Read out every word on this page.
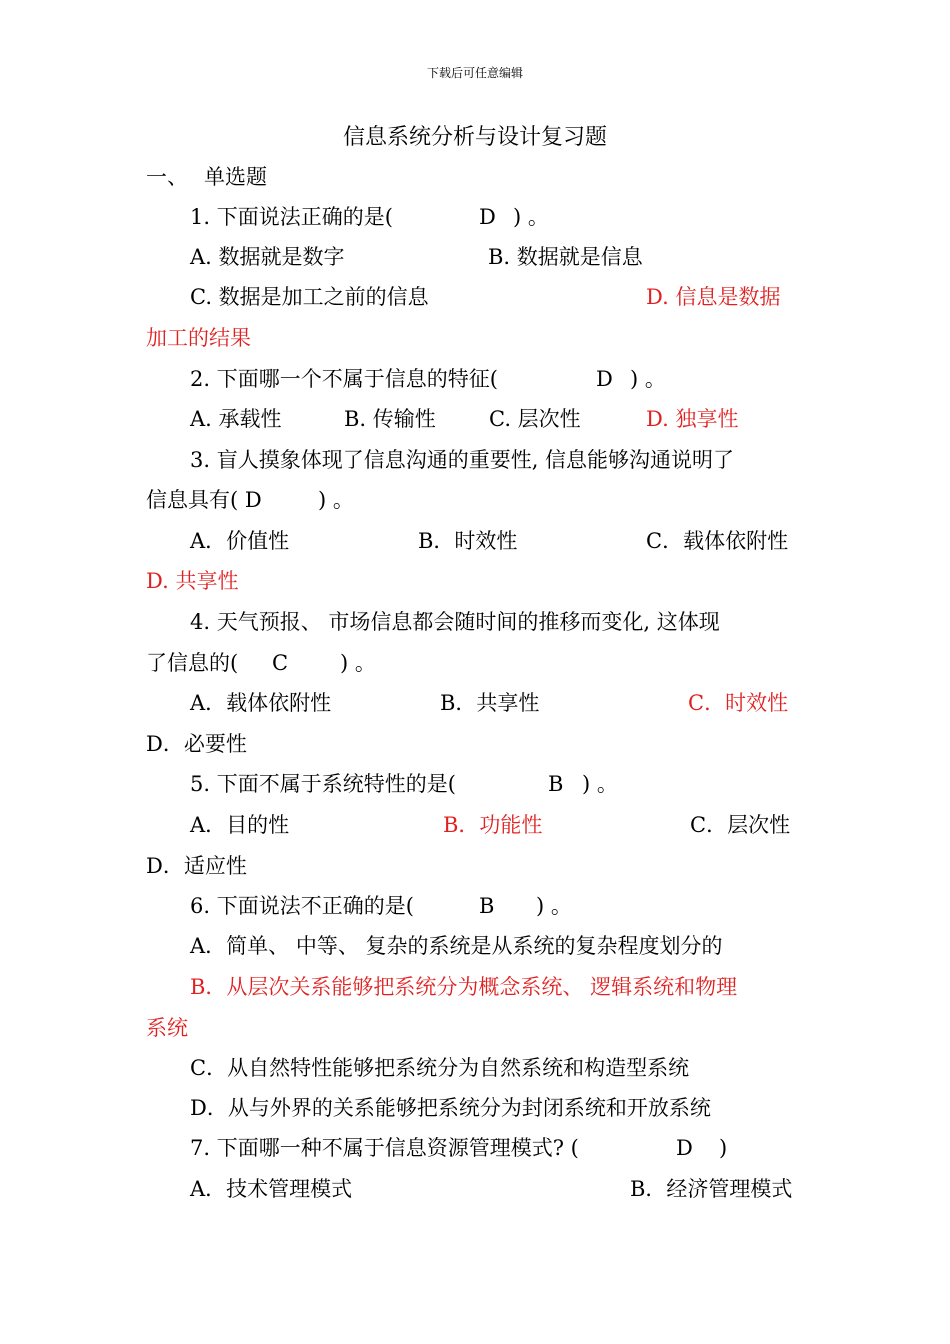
下载后可任意编辑
信息系统分析与设计复习题
一、 单选题
1. 下面说法正确的是(	D ) 。
A. 数据就是数字	B. 数据就是信息
C. 数据是加工之前的信息	D. 信息是数据
加工的结果
2. 下面哪一个不属于信息的特征(	D ) 。
A. 承载性	B. 传输性	C. 层次性	D. 独享性
3. 盲人摸象体现了信息沟通的重要性, 信息能够沟通说明了
信息具有( D	) 。
A．价值性	B．时效性	C．载体依附性
D. 共享性
4. 天气预报、 市场信息都会随时间的推移而变化, 这体现
了信息的( C ) 。
A．载体依附性	B．共享性	C．时效性
D．必要性
5. 下面不属于系统特性的是(	B ) 。
A．目的性	B．功能性	C．层次性
D．适应性
6. 下面说法不正确的是(	B ) 。
A．简单、 中等、 复杂的系统是从系统的复杂程度划分的
B．从层次关系能够把系统分为概念系统、 逻辑系统和物理
系统
C．从自然特性能够把系统分为自然系统和构造型系统
D．从与外界的关系能够把系统分为封闭系统和开放系统
7. 下面哪一种不属于信息资源管理模式? (	D )
A．技术管理模式	B．经济管理模式
